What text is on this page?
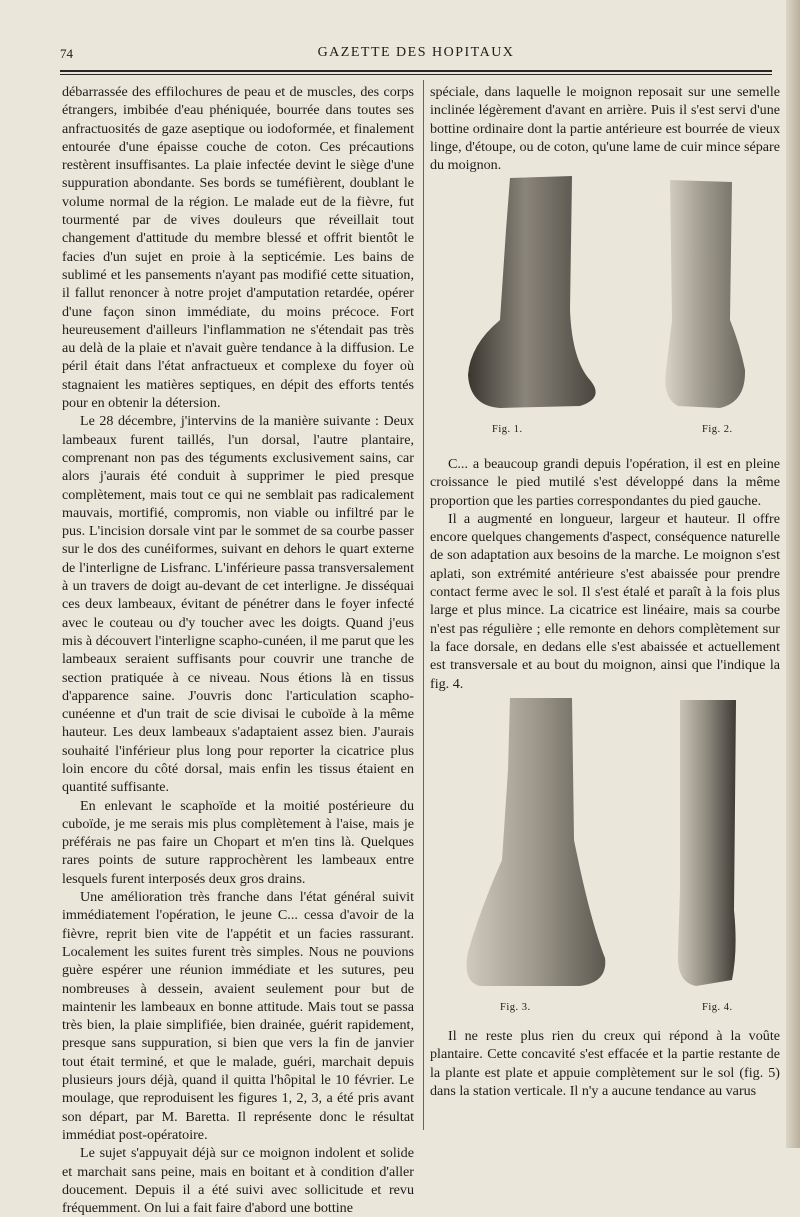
74	GAZETTE DES HOPITAUX

débarrassée des effilochures de peau et de muscles, des corps étrangers, imbibée d'eau phéniquée, bourrée dans toutes ses anfractuosités de gaze aseptique ou iodoformée, et finalement entourée d'une épaisse couche de coton. Ces précautions restèrent insuffisantes. La plaie infectée devint le siège d'une suppuration abondante. Ses bords se tuméfièrent, doublant le volume normal de la région. Le malade eut de la fièvre, fut tourmenté par de vives douleurs que réveillait tout changement d'attitude du membre blessé et offrit bientôt le facies d'un sujet en proie à la septicémie. Les bains de sublimé et les pansements n'ayant pas modifié cette situation, il fallut renoncer à notre projet d'amputation retardée, opérer d'une façon sinon immédiate, du moins précoce. Fort heureusement d'ailleurs l'inflammation ne s'étendait pas très au delà de la plaie et n'avait guère tendance à la diffusion. Le péril était dans l'état anfractueux et complexe du foyer où stagnaient les matières septiques, en dépit des efforts tentés pour en obtenir la détersion.

Le 28 décembre, j'intervins de la manière suivante : Deux lambeaux furent taillés, l'un dorsal, l'autre plantaire, comprenant non pas des téguments exclusivement sains, car alors j'aurais été conduit à supprimer le pied presque complètement, mais tout ce qui ne semblait pas radicalement mauvais, mortifié, compromis, non viable ou infiltré par le pus. L'incision dorsale vint par le sommet de sa courbe passer sur le dos des cunéiformes, suivant en dehors le quart externe de l'interligne de Lisfranc. L'inférieure passa transversalement à un travers de doigt au-devant de cet interligne. Je disséquai ces deux lambeaux, évitant de pénétrer dans le foyer infecté avec le couteau ou d'y toucher avec les doigts. Quand j'eus mis à découvert l'interligne scapho-cunéen, il me parut que les lambeaux seraient suffisants pour couvrir une tranche de section pratiquée à ce niveau. Nous étions là en tissus d'apparence saine. J'ouvris donc l'articulation scapho-cunéenne et d'un trait de scie divisai le cuboïde à la même hauteur. Les deux lambeaux s'adaptaient assez bien. J'aurais souhaité l'inférieur plus long pour reporter la cicatrice plus loin encore du côté dorsal, mais enfin les tissus étaient en quantité suffisante.

En enlevant le scaphoïde et la moitié postérieure du cuboïde, je me serais mis plus complètement à l'aise, mais je préférais ne pas faire un Chopart et m'en tins là. Quelques rares points de suture rapprochèrent les lambeaux entre lesquels furent interposés deux gros drains.

Une amélioration très franche dans l'état général suivit immédiatement l'opération, le jeune C... cessa d'avoir de la fièvre, reprit bien vite de l'appétit et un facies rassurant. Localement les suites furent très simples. Nous ne pouvions guère espérer une réunion immédiate et les sutures, peu nombreuses à dessein, avaient seulement pour but de maintenir les lambeaux en bonne attitude. Mais tout se passa très bien, la plaie simplifiée, bien drainée, guérit rapidement, presque sans suppuration, si bien que vers la fin de janvier tout était terminé, et que le malade, guéri, marchait depuis plusieurs jours déjà, quand il quitta l'hôpital le 10 février. Le moulage, que reproduisent les figures 1, 2, 3, a été pris avant son départ, par M. Baretta. Il représente donc le résultat immédiat post-opératoire.

Le sujet s'appuyait déjà sur ce moignon indolent et solide et marchait sans peine, mais en boitant et à condition d'aller doucement. Depuis il a été suivi avec sollicitude et revu fréquemment. On lui a fait faire d'abord une bottine

spéciale, dans laquelle le moignon reposait sur une semelle inclinée légèrement d'avant en arrière. Puis il s'est servi d'une bottine ordinaire dont la partie antérieure est bourrée de vieux linge, d'étoupe, ou de coton, qu'une lame de cuir mince sépare du moignon.

Fig. 1.	Fig. 2.

C... a beaucoup grandi depuis l'opération, il est en pleine croissance le pied mutilé s'est développé dans la même proportion que les parties correspondantes du pied gauche.

Il a augmenté en longueur, largeur et hauteur. Il offre encore quelques changements d'aspect, conséquence naturelle de son adaptation aux besoins de la marche. Le moignon s'est aplati, son extrémité antérieure s'est abaissée pour prendre contact ferme avec le sol. Il s'est étalé et paraît à la fois plus large et plus mince. La cicatrice est linéaire, mais sa courbe n'est pas régulière ; elle remonte en dehors complètement sur la face dorsale, en dedans elle s'est abaissée et actuellement est transversale et au bout du moignon, ainsi que l'indique la fig. 4.

Fig. 3.	Fig. 4.

Il ne reste plus rien du creux qui répond à la voûte plantaire. Cette concavité s'est effacée et la partie restante de la plante est plate et appuie complètement sur le sol (fig. 5) dans la station verticale. Il n'y a aucune tendance au varus
